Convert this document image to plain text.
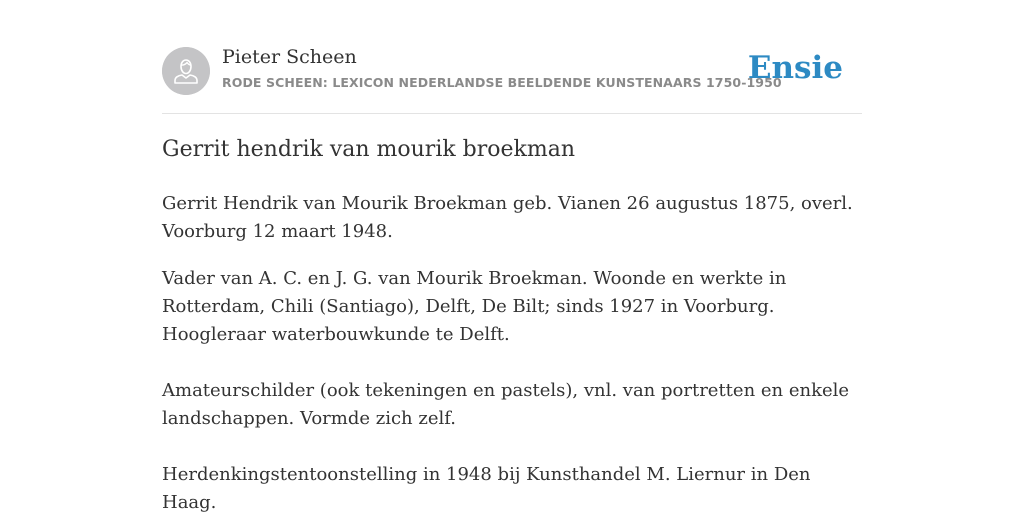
Pieter Scheen
RODE SCHEEN: LEXICON NEDERLANDSE BEELDENDE KUNSTENAARS 1750-1950
Ensie
Gerrit hendrik van mourik broekman

Gerrit Hendrik van Mourik Broekman geb. Vianen 26 augustus 1875, overl. Voorburg 12 maart 1948.

Vader van A. C. en J. G. van Mourik Broekman. Woonde en werkte in Rotterdam, Chili (Santiago), Delft, De Bilt; sinds 1927 in Voorburg. Hoogleraar waterbouwkunde te Delft.

Amateurschilder (ook tekeningen en pastels), vnl. van portretten en enkele landschappen. Vormde zich zelf.

Herdenkingstentoonstelling in 1948 bij Kunsthandel M. Liernur in Den Haag.
